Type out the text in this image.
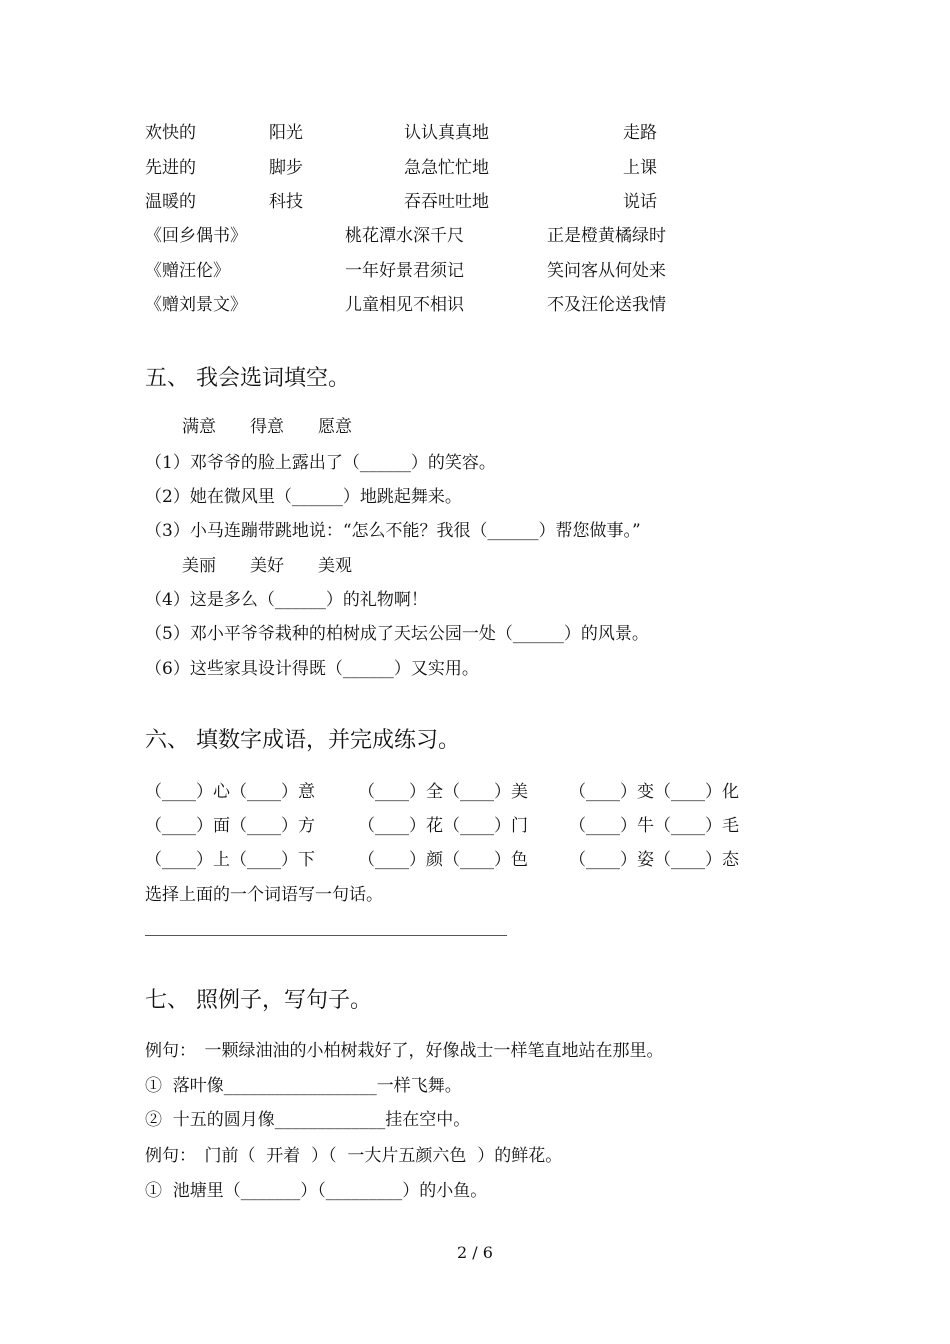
欢快的	阳光	认认真真地	走路
先进的	脚步	急急忙忙地	上课
温暖的	科技	吞吞吐吐地	说话
《回乡偶书》	桃花潭水深千尺	正是橙黄橘绿时
《赠汪伦》	一年好景君须记	笑问客从何处来
《赠刘景文》	儿童相见不相识	不及汪伦送我情
五、 我会选词填空。
满意　　得意　　愿意
（1）邓爷爷的脸上露出了（______）的笑容。
（2）她在微风里（______）地跳起舞来。
（3）小马连蹦带跳地说：“怎么不能？我很（______）帮您做事。”
美丽　　美好　　美观
（4）这是多么（______）的礼物啊！
（5）邓小平爷爷栽种的柏树成了天坛公园一处（______）的风景。
（6）这些家具设计得既（______）又实用。
六、 填数字成语，并完成练习。
（____）心（____）意	（____）全（____）美 （____）变（____）化
（____）面（____）方	（____）花（____）门 （____）牛（____）毛
（____）上（____）下	（____）颜（____）色 （____）姿（____）态
选择上面的一个词语写一句话。
七、 照例子，写句子。
例句：　一颗绿油油的小柏树栽好了，好像战士一样笔直地站在那里。
①  落叶像__________________一样飞舞。
②  十五的圆月像_____________挂在空中。
例句：　门前（  开着  ）（  一大片五颜六色  ）的鲜花。
①  池塘里（_______）（_________）的小鱼。
2 / 6
